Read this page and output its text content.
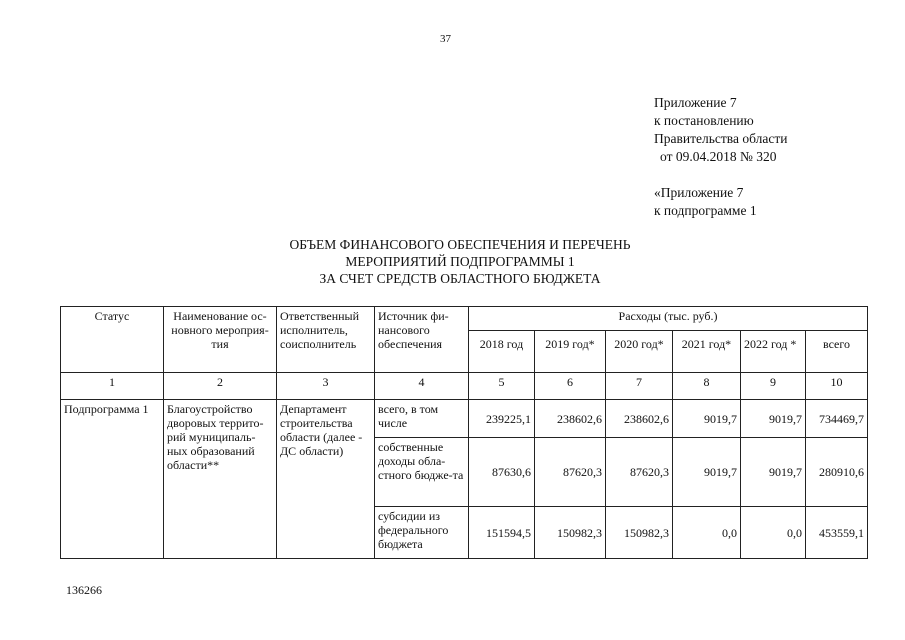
37
Приложение 7
к постановлению
Правительства области
от 09.04.2018 № 320
«Приложение 7
к подпрограмме 1
ОБЪЕМ ФИНАНСОВОГО ОБЕСПЕЧЕНИЯ И ПЕРЕЧЕНЬ
МЕРОПРИЯТИЙ ПОДПРОГРАММЫ 1
ЗА СЧЕТ СРЕДСТВ ОБЛАСТНОГО БЮДЖЕТА
Статус	Наименование ос-новного мероприя-тия	Ответственный исполнитель, соисполнитель	Источник фи-нансового обеспечения	Расходы (тыс. руб.)					
				2018 год	2019 год*	2020 год*	2021 год*	2022 год *	всего
1	2	3	4	5	6	7	8	9	10
Подпрограмма 1	Благоустройство дворовых террито-рий муниципаль-ных образований области**	Департамент строительства области (далее - ДС области)	всего, в том числе	239225,1	238602,6	238602,6	9019,7	9019,7	734469,7
			собственные доходы обла-стного бюдже-та	87630,6	87620,3	87620,3	9019,7	9019,7	280910,6
			субсидии из федерального бюджета	151594,5	150982,3	150982,3	0,0	0,0	453559,1
136266
